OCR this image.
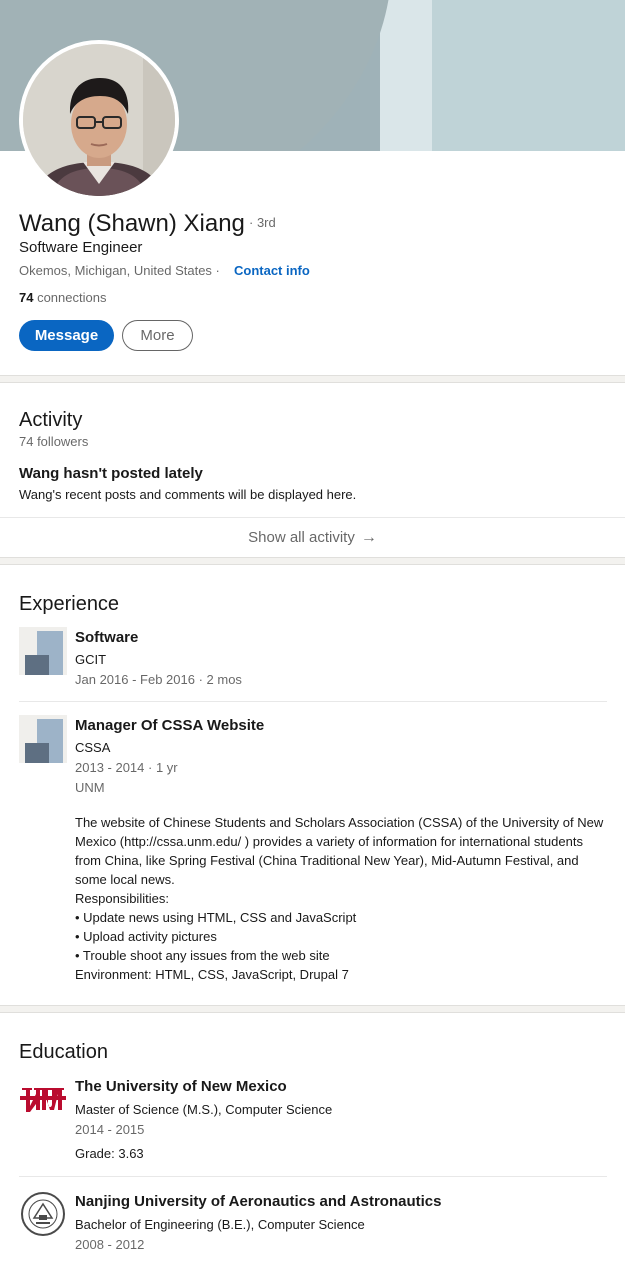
Wang (Shawn) Xiang · 3rd
Software Engineer
Okemos, Michigan, United States · Contact info
74 connections
Message	More
Activity
74 followers
Wang hasn't posted lately
Wang's recent posts and comments will be displayed here.
Show all activity →
Experience
Software
GCIT
Jan 2016 - Feb 2016 · 2 mos
Manager Of CSSA Website
CSSA
2013 - 2014 · 1 yr
UNM
The website of Chinese Students and Scholars Association (CSSA) of the University of New Mexico (http://cssa.unm.edu/ ) provides a variety of information for international students from China, like Spring Festival (China Traditional New Year), Mid-Autumn Festival, and some local news.
Responsibilities:
• Update news using HTML, CSS and JavaScript
• Upload activity pictures
• Trouble shoot any issues from the web site
Environment: HTML, CSS, JavaScript, Drupal 7
Education
The University of New Mexico
Master of Science (M.S.), Computer Science
2014 - 2015
Grade: 3.63
Nanjing University of Aeronautics and Astronautics
Bachelor of Engineering (B.E.), Computer Science
2008 - 2012
